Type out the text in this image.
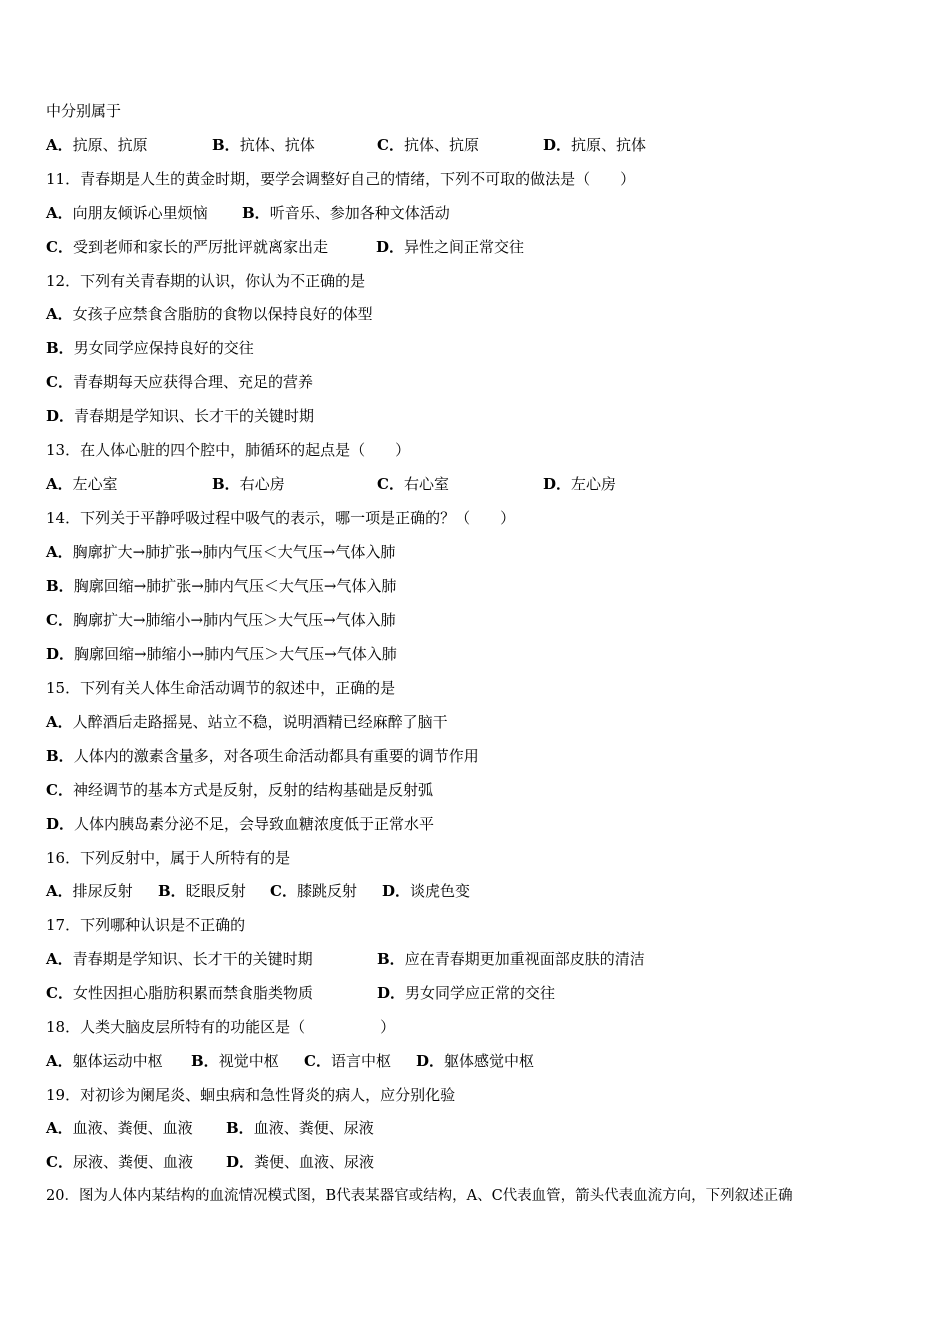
中分别属于
A．抗原、抗原	B．抗体、抗体	C．抗体、抗原	D．抗原、抗体
11．青春期是人生的黄金时期，要学会调整好自己的情绪，下列不可取的做法是（　　）
A．向朋友倾诉心里烦恼 B．听音乐、参加各种文体活动
C．受到老师和家长的严厉批评就离家出走	D．异性之间正常交往
12．下列有关青春期的认识，你认为不正确的是
A．女孩子应禁食含脂肪的食物以保持良好的体型
B．男女同学应保持良好的交往
C．青春期每天应获得合理、充足的营养
D．青春期是学知识、长才干的关键时期
13．在人体心脏的四个腔中，肺循环的起点是（　　）
A．左心室	B．右心房	C．右心室	D．左心房
14．下列关于平静呼吸过程中吸气的表示，哪一项是正确的？（　　）
A．胸廓扩大→肺扩张→肺内气压＜大气压→气体入肺
B．胸廓回缩→肺扩张→肺内气压＜大气压→气体入肺
C．胸廓扩大→肺缩小→肺内气压＞大气压→气体入肺
D．胸廓回缩→肺缩小→肺内气压＞大气压→气体入肺
15．下列有关人体生命活动调节的叙述中，正确的是
A．人醉酒后走路摇晃、站立不稳，说明酒精已经麻醉了脑干
B．人体内的激素含量多，对各项生命活动都具有重要的调节作用
C．神经调节的基本方式是反射，反射的结构基础是反射弧
D．人体内胰岛素分泌不足，会导致血糖浓度低于正常水平
16．下列反射中，属于人所特有的是
A．排尿反射 B．眨眼反射 C．膝跳反射 D．谈虎色变
17．下列哪种认识是不正确的
A．青春期是学知识、长才干的关键时期	B．应在青春期更加重视面部皮肤的清洁
C．女性因担心脂肪积累而禁食脂类物质	D．男女同学应正常的交往
18．人类大脑皮层所特有的功能区是（　　　　　）
A．躯体运动中枢 B．视觉中枢 C．语言中枢 D．躯体感觉中枢
19．对初诊为阑尾炎、蛔虫病和急性肾炎的病人，应分别化验
A．血液、粪便、血液 B．血液、粪便、尿液
C．尿液、粪便、血液 D．粪便、血液、尿液
20．图为人体内某结构的血流情况模式图，B代表某器官或结构，A、C代表血管，箭头代表血流方向，下列叙述正确
